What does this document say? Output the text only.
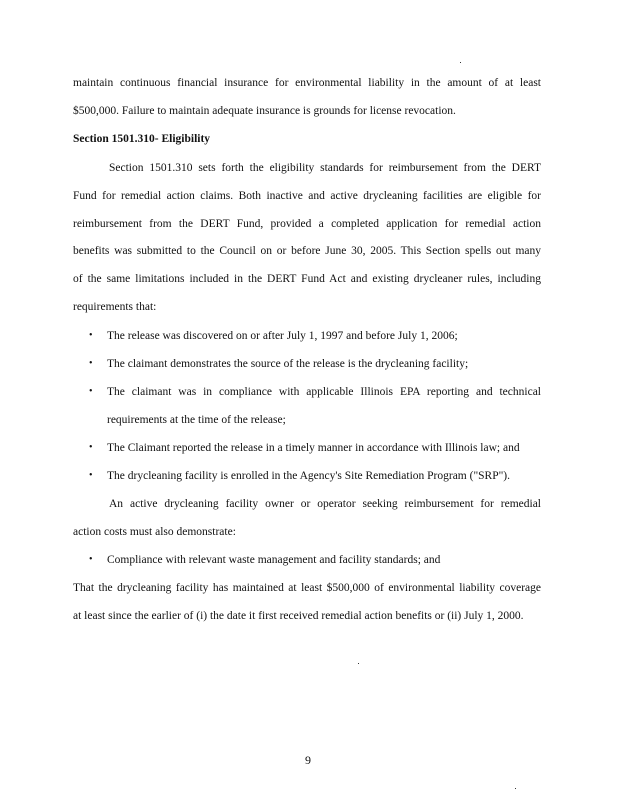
maintain continuous financial insurance for environmental liability in the amount of at least
$500,000. Failure to maintain adequate insurance is grounds for license revocation.
Section 1501.310- Eligibility
Section 1501.310 sets forth the eligibility standards for reimbursement from the DERT
Fund for remedial action claims. Both inactive and active drycleaning facilities are eligible for
reimbursement from the DERT Fund, provided a completed application for remedial action
benefits was submitted to the Council on or before June 30, 2005. This Section spells out many
of the same limitations included in the DERT Fund Act and existing drycleaner rules, including
requirements that:
•	The release was discovered on or after July 1, 1997 and before July 1, 2006;
•	The claimant demonstrates the source of the release is the drycleaning facility;
•	The claimant was in compliance with applicable Illinois EPA reporting and technical
requirements at the time of the release;
•	The Claimant reported the release in a timely manner in accordance with Illinois law; and
•	The drycleaning facility is enrolled in the Agency's Site Remediation Program ("SRP").
An active drycleaning facility owner or operator seeking reimbursement for remedial
action costs must also demonstrate:
•	Compliance with relevant waste management and facility standards; and
That the drycleaning facility has maintained at least $500,000 of environmental liability coverage
at least since the earlier of (i) the date it first received remedial action benefits or (ii) July 1, 2000.
9
